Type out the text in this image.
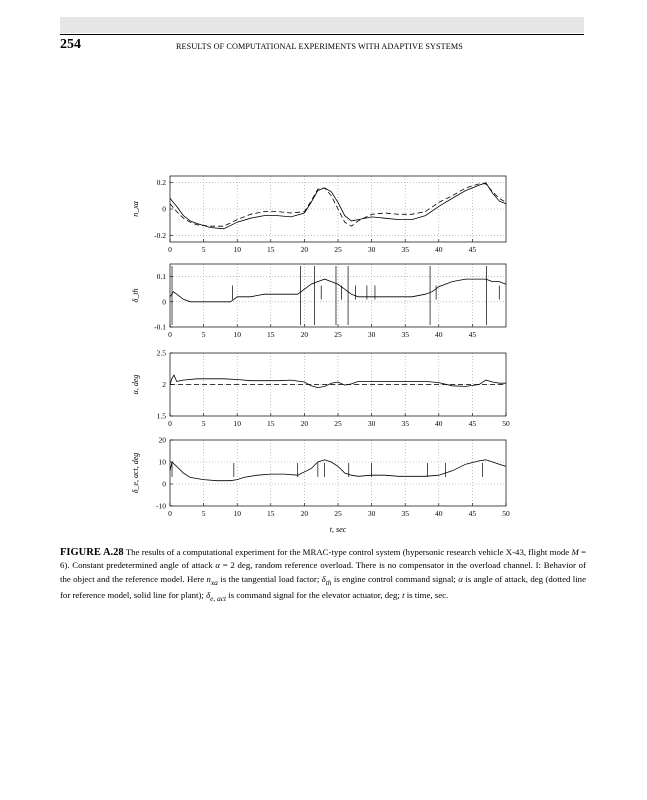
254	RESULTS OF COMPUTATIONAL EXPERIMENTS WITH ADAPTIVE SYSTEMS
0	5	10	15	20	25	30	35	40	45
0.2
0
-0.2
n_xa
0	5	10	15	20	25	30	35	40	45
0.1
0
-0.1
δ_th
0	5	10	15	20	25	30	35	40	45	50
2.5
2
1.5
α, deg
0	5	10	15	20	25	30	35	40	45	50
20
10
0
-10
δ_e, act, deg
t, sec
FIGURE A.28 The results of a computational experiment for the MRAC-type control system (hypersonic research vehicle X-43, flight mode M = 6). Constant predetermined angle of attack α = 2 deg, random reference overload. There is no compensator in the overload channel. I: Behavior of the object and the reference model. Here $n_{xa}$ is the tangential load factor; $\delta_{th}$ is engine control command signal; α is angle of attack, deg (dotted line for reference model, solid line for plant); $\delta_{e, act}$ is command signal for the elevator actuator, deg; t is time, sec.
